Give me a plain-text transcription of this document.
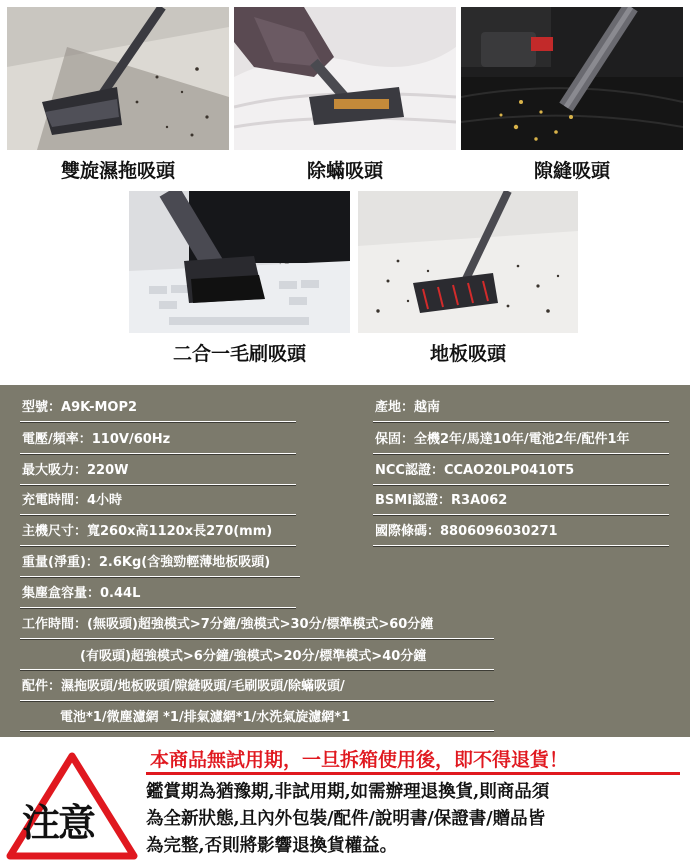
雙旋濕拖吸頭	除蟎吸頭	隙縫吸頭
二合一毛刷吸頭	地板吸頭
型號：A9K-MOP2	產地：越南
電壓/頻率：110V/60Hz	保固：全機2年/馬達10年/電池2年/配件1年
最大吸力：220W	NCC認證：CCAO20LP0410T5
充電時間：4小時	BSMI認證：R3A062
主機尺寸：寬260x高1120x長270(mm)	國際條碼：8806096030271
重量(淨重)：2.6Kg(含強勁輕薄地板吸頭)
集塵盒容量：0.44L
工作時間：(無吸頭)超強模式>7分鐘/強模式>30分/標準模式>60分鐘
(有吸頭)超強模式>6分鐘/強模式>20分/標準模式>40分鐘
配件：濕拖吸頭/地板吸頭/隙縫吸頭/毛刷吸頭/除蟎吸頭/
電池*1/微塵濾網 *1/排氣濾網*1/水洗氣旋濾網*1
注意
本商品無試用期，一旦拆箱使用後，即不得退貨！
鑑賞期為猶豫期,非試用期,如需辦理退換貨,則商品須
為全新狀態,且內外包裝/配件/說明書/保證書/贈品皆
為完整,否則將影響退換貨權益。
